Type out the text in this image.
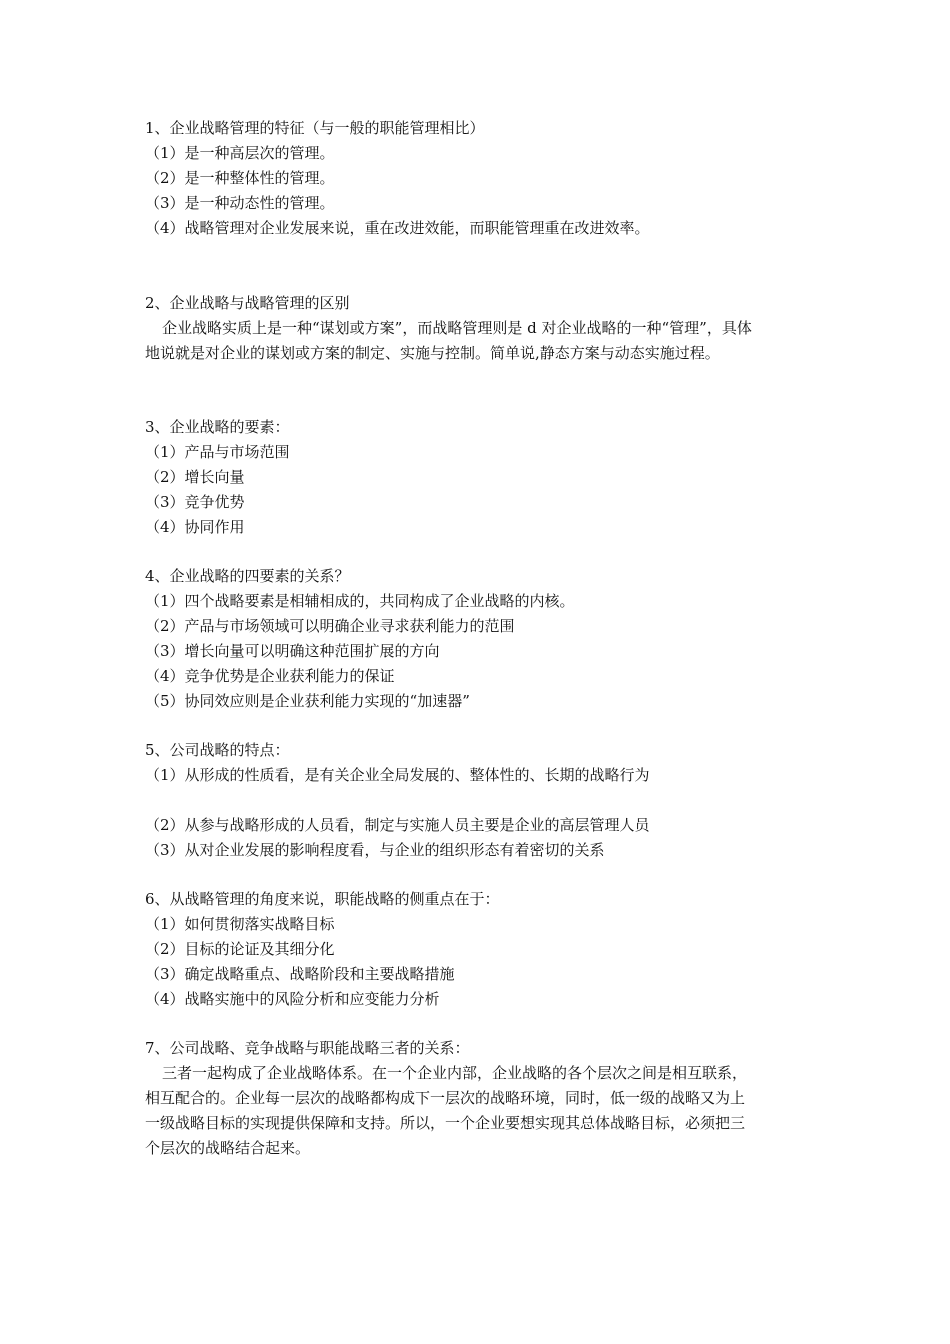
1、企业战略管理的特征（与一般的职能管理相比）
（1）是一种高层次的管理。
（2）是一种整体性的管理。
（3）是一种动态性的管理。
（4）战略管理对企业发展来说，重在改进效能，而职能管理重在改进效率。
2、企业战略与战略管理的区别
企业战略实质上是一种“谋划或方案”，而战略管理则是 d 对企业战略的一种“管理”，具体
地说就是对企业的谋划或方案的制定、实施与控制。简单说,静态方案与动态实施过程。
3、企业战略的要素：
（1）产品与市场范围
（2）增长向量
（3）竞争优势
（4）协同作用
4、企业战略的四要素的关系？
（1）四个战略要素是相辅相成的，共同构成了企业战略的内核。
（2）产品与市场领域可以明确企业寻求获利能力的范围
（3）增长向量可以明确这种范围扩展的方向
（4）竞争优势是企业获利能力的保证
（5）协同效应则是企业获利能力实现的“加速器”
5、公司战略的特点：
（1）从形成的性质看，是有关企业全局发展的、整体性的、长期的战略行为
（2）从参与战略形成的人员看，制定与实施人员主要是企业的高层管理人员
（3）从对企业发展的影响程度看，与企业的组织形态有着密切的关系
6、从战略管理的角度来说，职能战略的侧重点在于：
（1）如何贯彻落实战略目标
（2）目标的论证及其细分化
（3）确定战略重点、战略阶段和主要战略措施
（4）战略实施中的风险分析和应变能力分析
7、公司战略、竞争战略与职能战略三者的关系：
三者一起构成了企业战略体系。在一个企业内部，企业战略的各个层次之间是相互联系，
相互配合的。企业每一层次的战略都构成下一层次的战略环境，同时，低一级的战略又为上
一级战略目标的实现提供保障和支持。所以，一个企业要想实现其总体战略目标，必须把三
个层次的战略结合起来。
